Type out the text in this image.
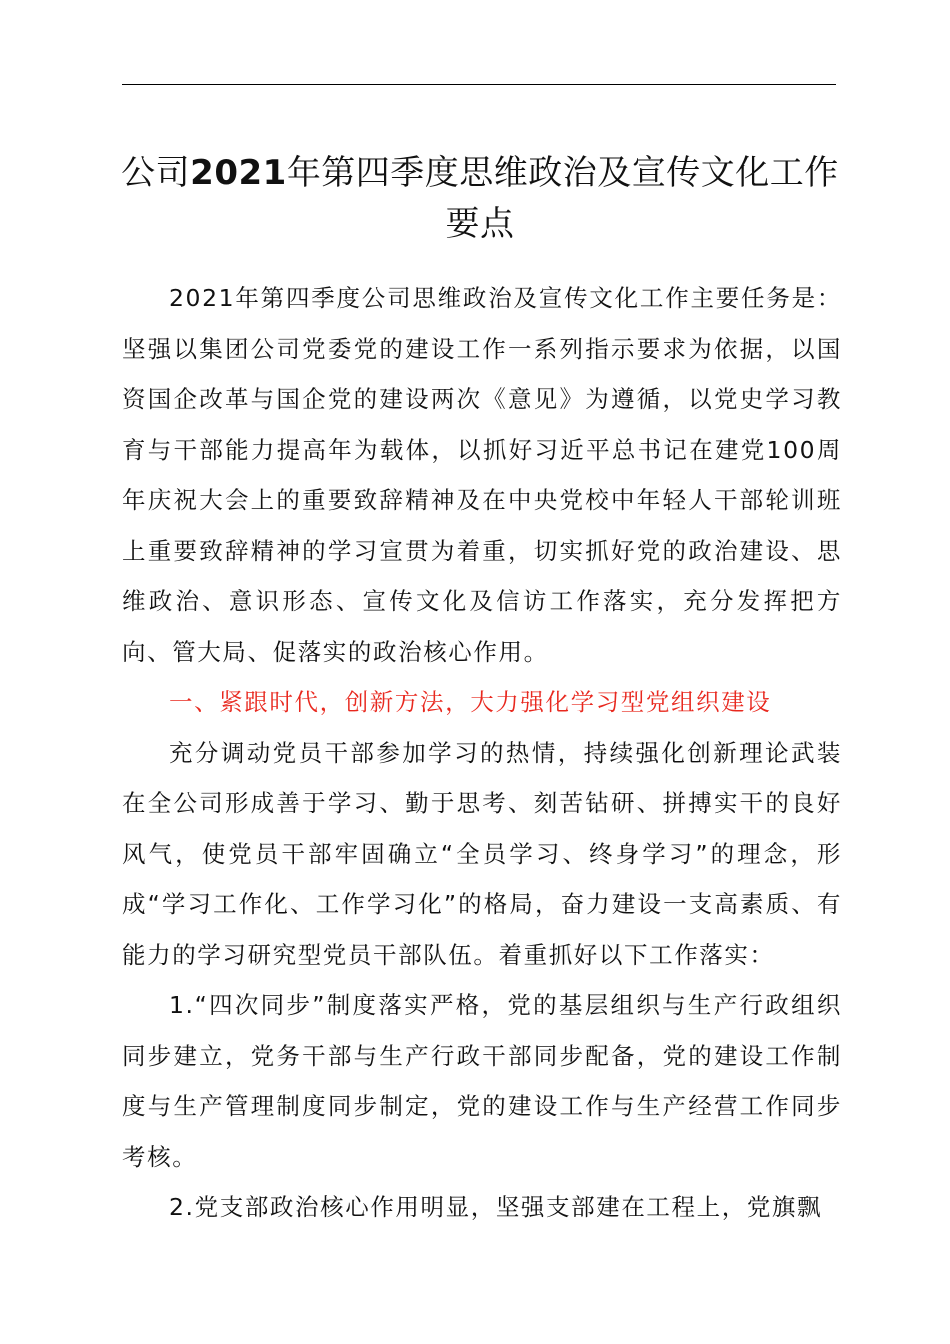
公司2021年第四季度思维政治及宣传文化工作要点

2021年第四季度公司思维政治及宣传文化工作主要任务是：坚强以集团公司党委党的建设工作一系列指示要求为依据，以国资国企改革与国企党的建设两次《意见》为遵循，以党史学习教育与干部能力提高年为载体，以抓好习近平总书记在建党100周年庆祝大会上的重要致辞精神及在中央党校中年轻人干部轮训班上重要致辞精神的学习宣贯为着重，切实抓好党的政治建设、思维政治、意识形态、宣传文化及信访工作落实，充分发挥把方向、管大局、促落实的政治核心作用。

一、紧跟时代，创新方法，大力强化学习型党组织建设

充分调动党员干部参加学习的热情，持续强化创新理论武装在全公司形成善于学习、勤于思考、刻苦钻研、拼搏实干的良好风气，使党员干部牢固确立“全员学习、终身学习”的理念，形成“学习工作化、工作学习化”的格局，奋力建设一支高素质、有能力的学习研究型党员干部队伍。着重抓好以下工作落实：

1.“四次同步”制度落实严格，党的基层组织与生产行政组织同步建立，党务干部与生产行政干部同步配备，党的建设工作制度与生产管理制度同步制定，党的建设工作与生产经营工作同步考核。

2.党支部政治核心作用明显，坚强支部建在工程上，党旗飘
